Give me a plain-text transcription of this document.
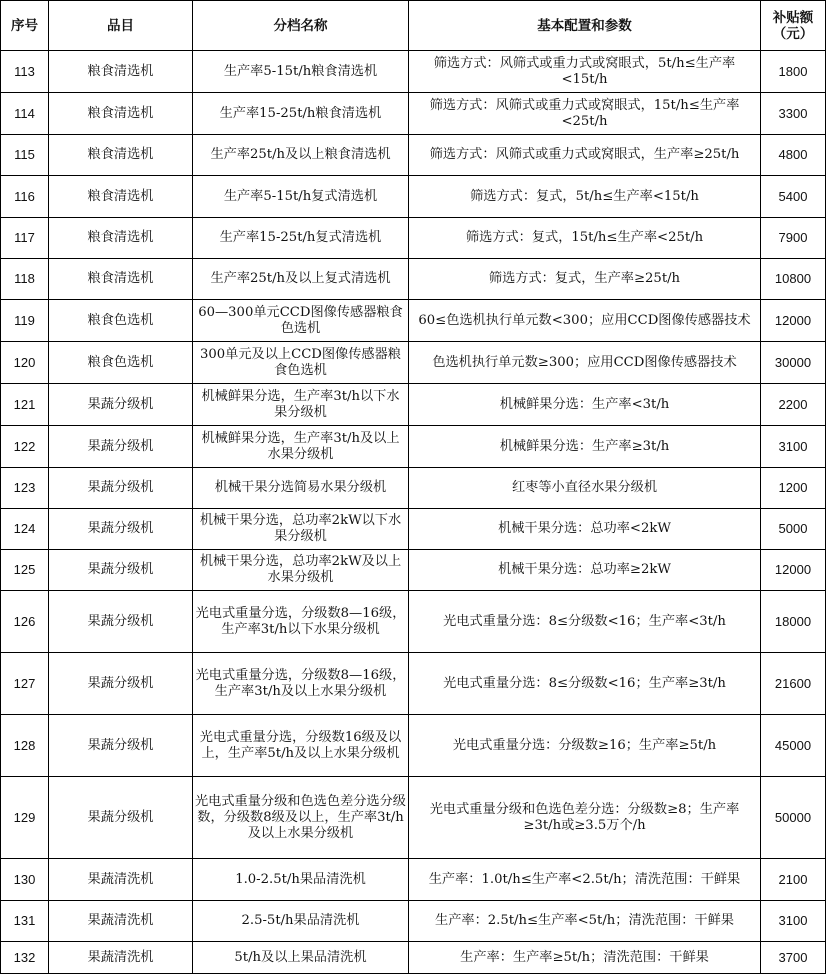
序号	品目	分档名称	基本配置和参数	补贴额（元）
113	粮食清选机	生产率5-15t/h粮食清选机	筛选方式：风筛式或重力式或窝眼式，5t/h≤生产率<15t/h	1800
114	粮食清选机	生产率15-25t/h粮食清选机	筛选方式：风筛式或重力式或窝眼式，15t/h≤生产率<25t/h	3300
115	粮食清选机	生产率25t/h及以上粮食清选机	筛选方式：风筛式或重力式或窝眼式，生产率≥25t/h	4800
116	粮食清选机	生产率5-15t/h复式清选机	筛选方式：复式，5t/h≤生产率<15t/h	5400
117	粮食清选机	生产率15-25t/h复式清选机	筛选方式：复式，15t/h≤生产率<25t/h	7900
118	粮食清选机	生产率25t/h及以上复式清选机	筛选方式：复式，生产率≥25t/h	10800
119	粮食色选机	60—300单元CCD图像传感器粮食色选机	60≤色选机执行单元数<300；应用CCD图像传感器技术	12000
120	粮食色选机	300单元及以上CCD图像传感器粮食色选机	色选机执行单元数≥300；应用CCD图像传感器技术	30000
121	果蔬分级机	机械鲜果分选，生产率3t/h以下水果分级机	机械鲜果分选：生产率<3t/h	2200
122	果蔬分级机	机械鲜果分选，生产率3t/h及以上水果分级机	机械鲜果分选：生产率≥3t/h	3100
123	果蔬分级机	机械干果分选简易水果分级机	红枣等小直径水果分级机	1200
124	果蔬分级机	机械干果分选，总功率2kW以下水果分级机	机械干果分选：总功率<2kW	5000
125	果蔬分级机	机械干果分选，总功率2kW及以上水果分级机	机械干果分选：总功率≥2kW	12000
126	果蔬分级机	光电式重量分选，分级数8—16级，生产率3t/h以下水果分级机	光电式重量分选：8≤分级数<16；生产率<3t/h	18000
127	果蔬分级机	光电式重量分选，分级数8—16级，生产率3t/h及以上水果分级机	光电式重量分选：8≤分级数<16；生产率≥3t/h	21600
128	果蔬分级机	光电式重量分选，分级数16级及以上，生产率5t/h及以上水果分级机	光电式重量分选：分级数≥16；生产率≥5t/h	45000
129	果蔬分级机	光电式重量分级和色选色差分选分级数，分级数8级及以上，生产率3t/h及以上水果分级机	光电式重量分级和色选色差分选：分级数≥8；生产率≥3t/h或≥3.5万个/h	50000
130	果蔬清洗机	1.0-2.5t/h果品清洗机	生产率：1.0t/h≤生产率<2.5t/h；清洗范围：干鲜果	2100
131	果蔬清洗机	2.5-5t/h果品清洗机	生产率：2.5t/h≤生产率<5t/h；清洗范围：干鲜果	3100
132	果蔬清洗机	5t/h及以上果品清洗机	生产率：生产率≥5t/h；清洗范围：干鲜果	3700
